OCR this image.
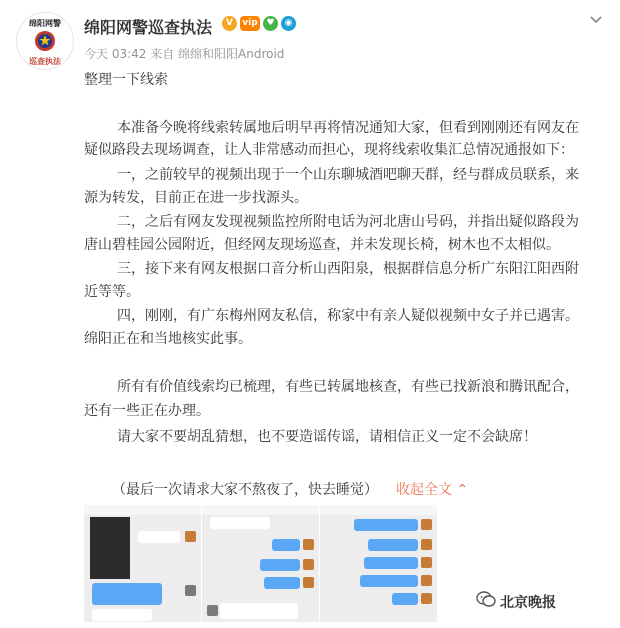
绵阳网警
巡查执法
绵阳网警巡查执法	V	vip ♥	◉
今天 03:42 来自 绵绵和阳阳Android
整理一下线索
本准备今晚将线索转属地后明早再将情况通知大家，但看到刚刚还有网友在
疑似路段去现场调查，让人非常感动而担心，现将线索收集汇总情况通报如下：
一，之前较早的视频出现于一个山东聊城酒吧聊天群，经与群成员联系，来
源为转发，目前正在进一步找源头。
二，之后有网友发现视频监控所附电话为河北唐山号码，并指出疑似路段为
唐山碧桂园公园附近，但经网友现场巡查，并未发现长椅，树木也不太相似。
三，接下来有网友根据口音分析山西阳泉，根据群信息分析广东阳江阳西附
近等等。
四，刚刚，有广东梅州网友私信，称家中有亲人疑似视频中女子并已遇害。
绵阳正在和当地核实此事。
所有有价值线索均已梳理，有些已转属地核查，有些已找新浪和腾讯配合，
还有一些正在办理。
请大家不要胡乱猜想，也不要造谣传谣，请相信正义一定不会缺席！
（最后一次请求大家不熬夜了，快去睡觉） 收起全文 ⌃
北京晚报
